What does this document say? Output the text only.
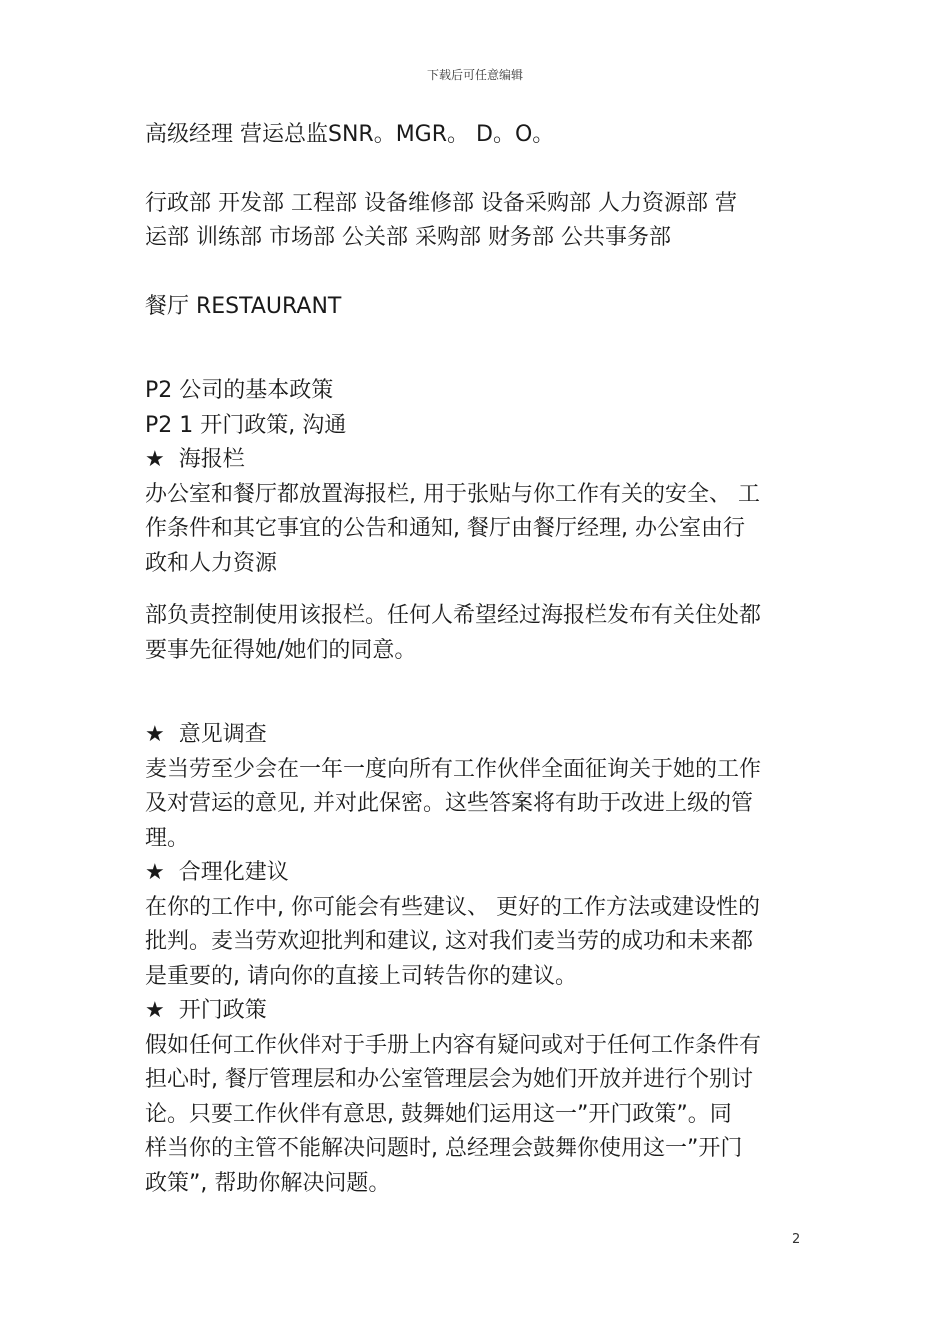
下载后可任意编辑

高级经理 营运总监SNR。MGR。 D。O。

行政部 开发部 工程部 设备维修部 设备采购部 人力资源部 营

运部 训练部 市场部 公关部 采购部 财务部 公共事务部

餐厅 RESTAURANT

P2 公司的基本政策

P2 1 开门政策, 沟通

★ 海报栏

办公室和餐厅都放置海报栏, 用于张贴与你工作有关的安全、 工

作条件和其它事宜的公告和通知, 餐厅由餐厅经理, 办公室由行

政和人力资源

部负责控制使用该报栏。任何人希望经过海报栏发布有关住处都

要事先征得她/她们的同意。

★ 意见调查

麦当劳至少会在一年一度向所有工作伙伴全面征询关于她的工作

及对营运的意见, 并对此保密。这些答案将有助于改进上级的管

理。

★ 合理化建议

在你的工作中, 你可能会有些建议、 更好的工作方法或建设性的

批判。麦当劳欢迎批判和建议, 这对我们麦当劳的成功和未来都

是重要的, 请向你的直接上司转告你的建议。

★ 开门政策

假如任何工作伙伴对于手册上内容有疑问或对于任何工作条件有

担心时, 餐厅管理层和办公室管理层会为她们开放并进行个别讨

论。只要工作伙伴有意思, 鼓舞她们运用这一”开门政策”。同

样当你的主管不能解决问题时, 总经理会鼓舞你使用这一”开门

政策”, 帮助你解决问题。

2
